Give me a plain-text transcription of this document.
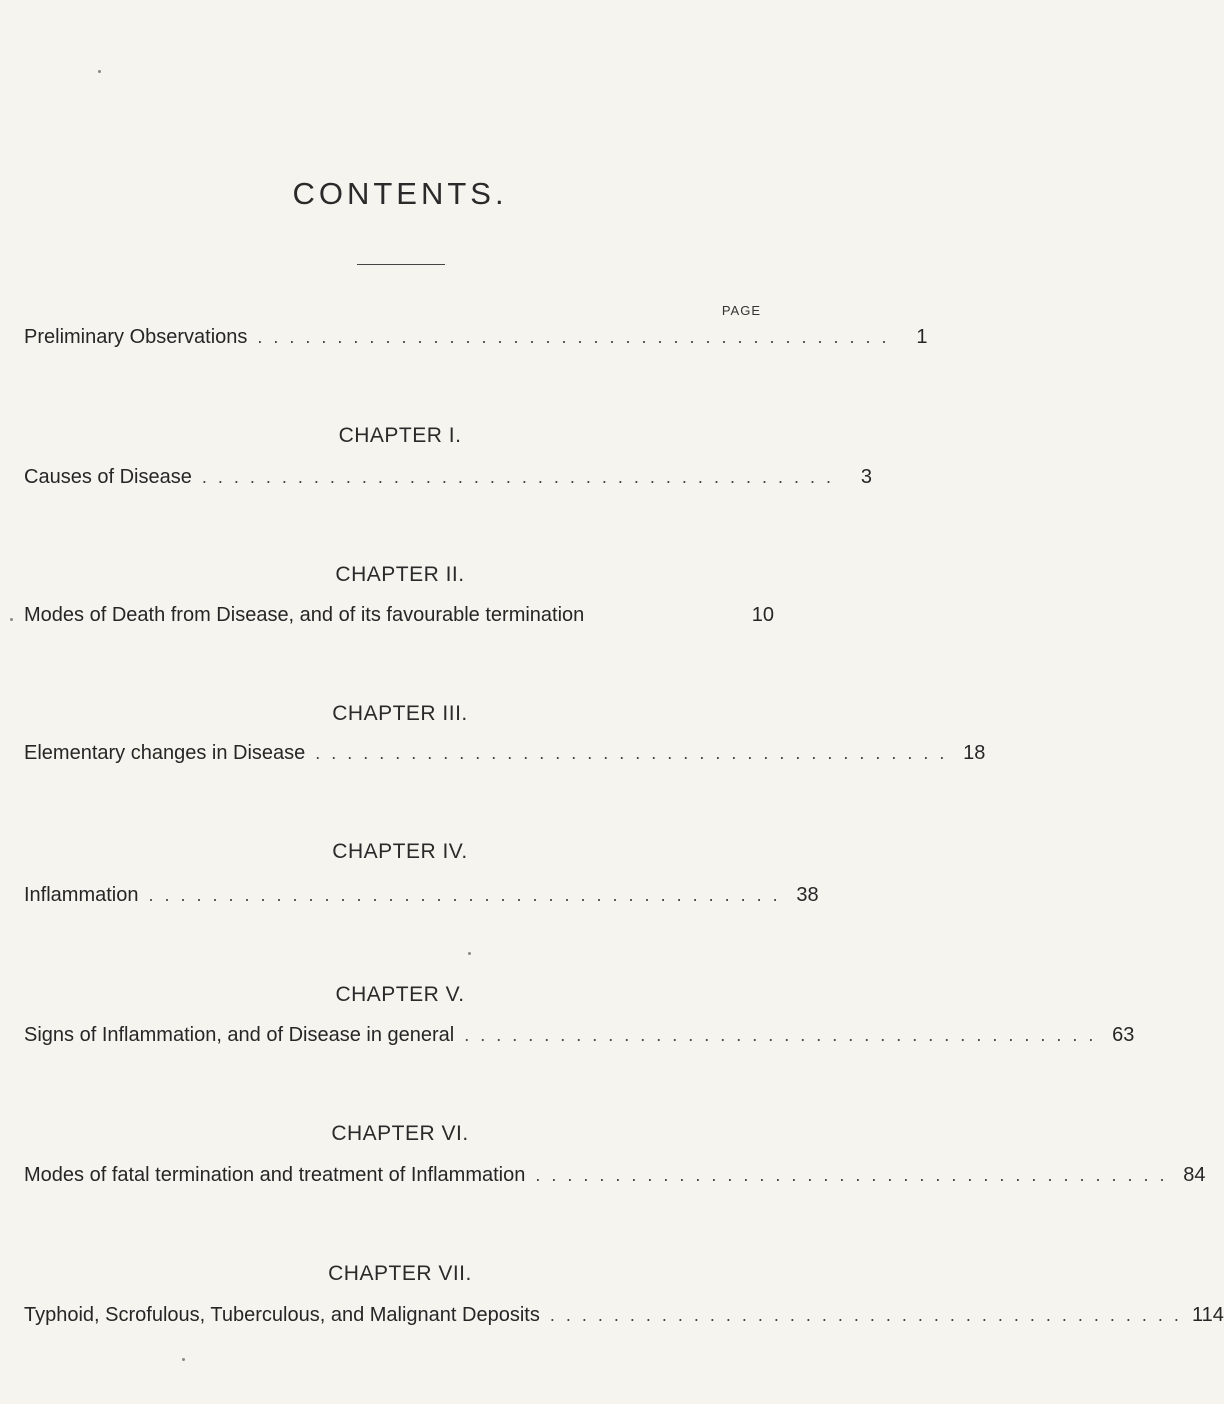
CONTENTS.
PAGE
Preliminary Observations . . . . . . . . . . . . . . . . . . . . . . . . . . . . . . . . . . . . . . . .	1
CHAPTER I.
Causes of Disease . . . . . . . . . . . . . . . . . . . . . . . . . . . . . . . . . . . . . . . .	3
CHAPTER II.
Modes of Death from Disease, and of its favourable termination	10
CHAPTER III.
Elementary changes in Disease . . . . . . . . . . . . . . . . . . . . . . . . . . . . . . . . . . . . . . . . 18
CHAPTER IV.
Inflammation . . . . . . . . . . . . . . . . . . . . . . . . . . . . . . . . . . . . . . . . 38
CHAPTER V.
Signs of Inflammation, and of Disease in general . . . . . . . . . . . . . . . . . . . . . . . . . . . . . . . . . . . . . . . . 63
CHAPTER VI.
Modes of fatal termination and treatment of Inflammation . . . . . . . . . . . . . . . . . . . . . . . . . . . . . . . . . . . . . . . . 84
CHAPTER VII.
Typhoid, Scrofulous, Tuberculous, and Malignant Deposits . . . . . . . . . . . . . . . . . . . . . . . . . . . . . . . . . . . . . . . . 114
